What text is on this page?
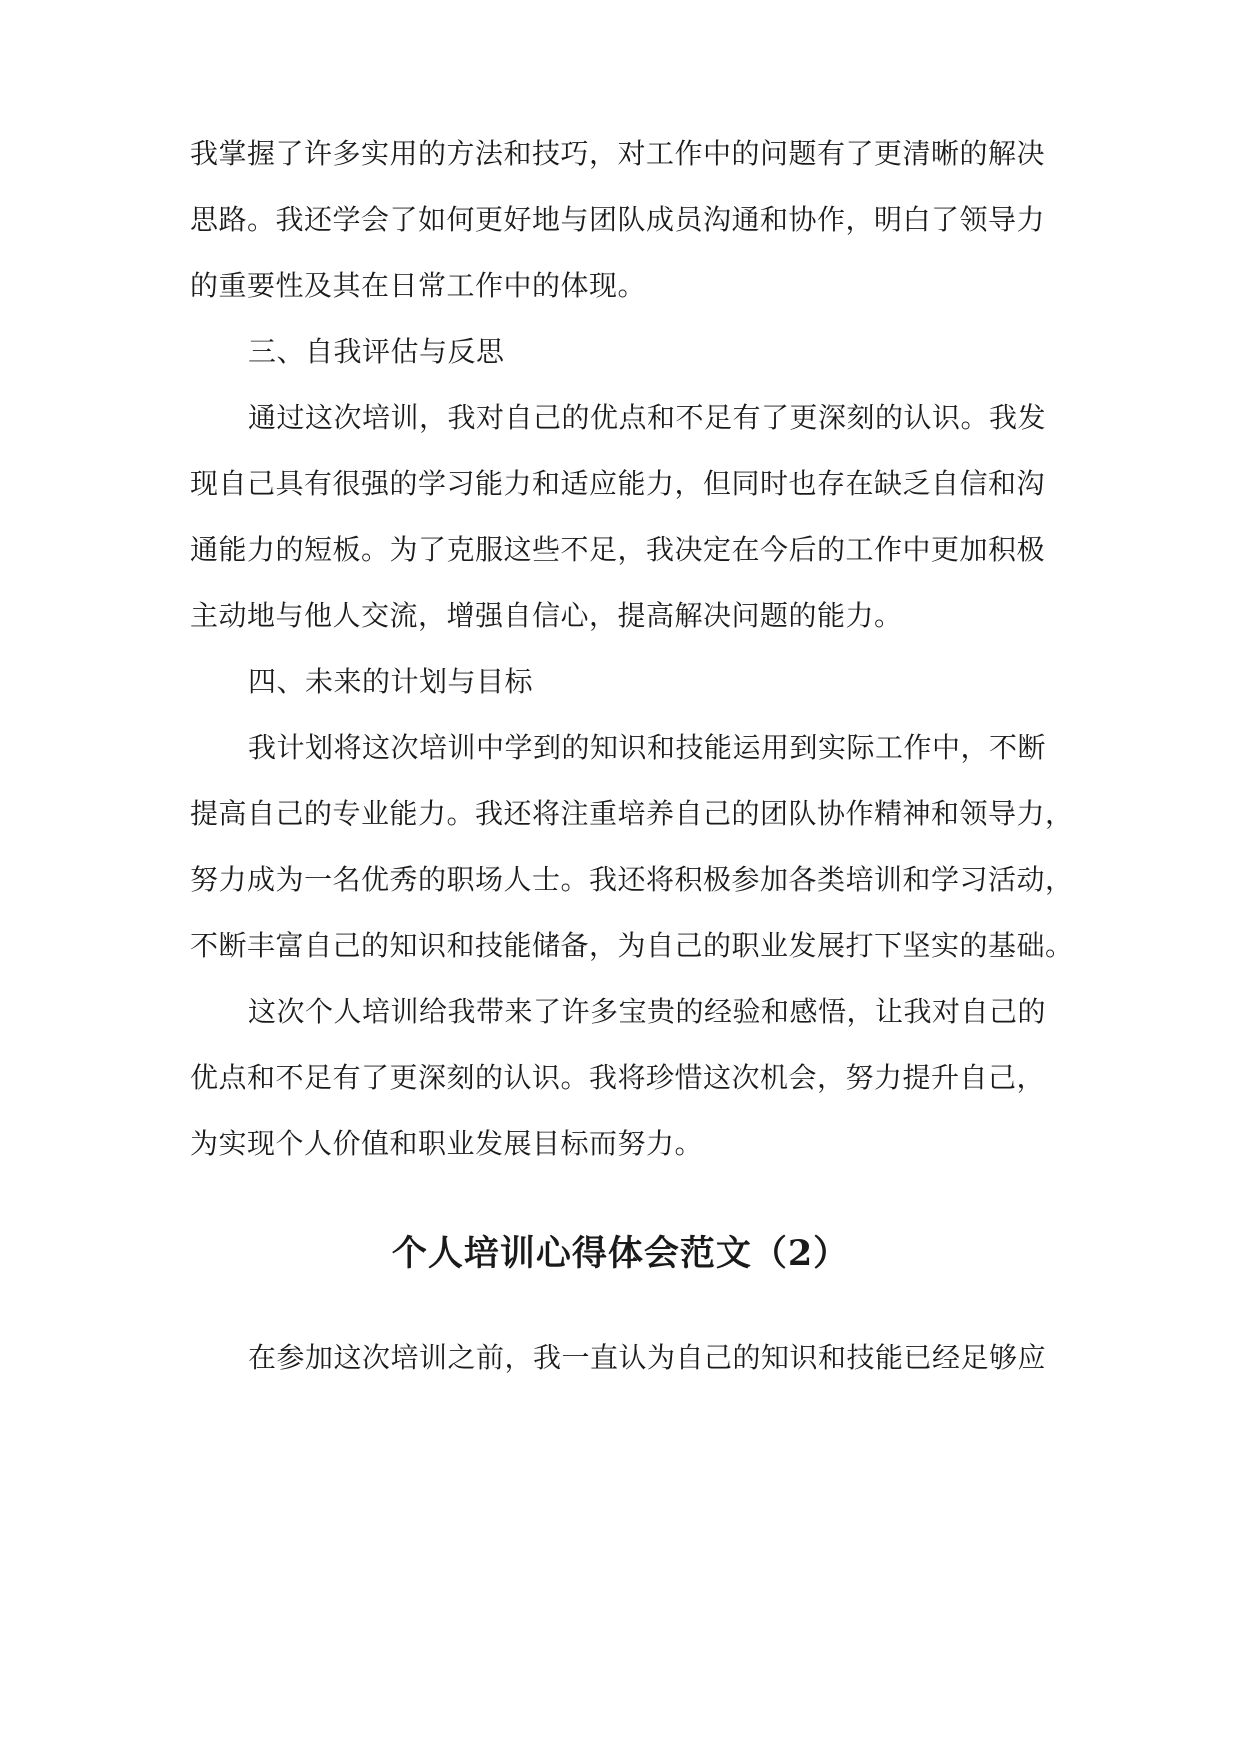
我掌握了许多实用的方法和技巧，对工作中的问题有了更清晰的解决
思路。我还学会了如何更好地与团队成员沟通和协作，明白了领导力
的重要性及其在日常工作中的体现。
三、自我评估与反思
通过这次培训，我对自己的优点和不足有了更深刻的认识。我发
现自己具有很强的学习能力和适应能力，但同时也存在缺乏自信和沟
通能力的短板。为了克服这些不足，我决定在今后的工作中更加积极
主动地与他人交流，增强自信心，提高解决问题的能力。
四、未来的计划与目标
我计划将这次培训中学到的知识和技能运用到实际工作中，不断
提高自己的专业能力。我还将注重培养自己的团队协作精神和领导力，
努力成为一名优秀的职场人士。我还将积极参加各类培训和学习活动，
不断丰富自己的知识和技能储备，为自己的职业发展打下坚实的基础。
这次个人培训给我带来了许多宝贵的经验和感悟，让我对自己的
优点和不足有了更深刻的认识。我将珍惜这次机会，努力提升自己，
为实现个人价值和职业发展目标而努力。
个人培训心得体会范文（2）
在参加这次培训之前，我一直认为自己的知识和技能已经足够应
